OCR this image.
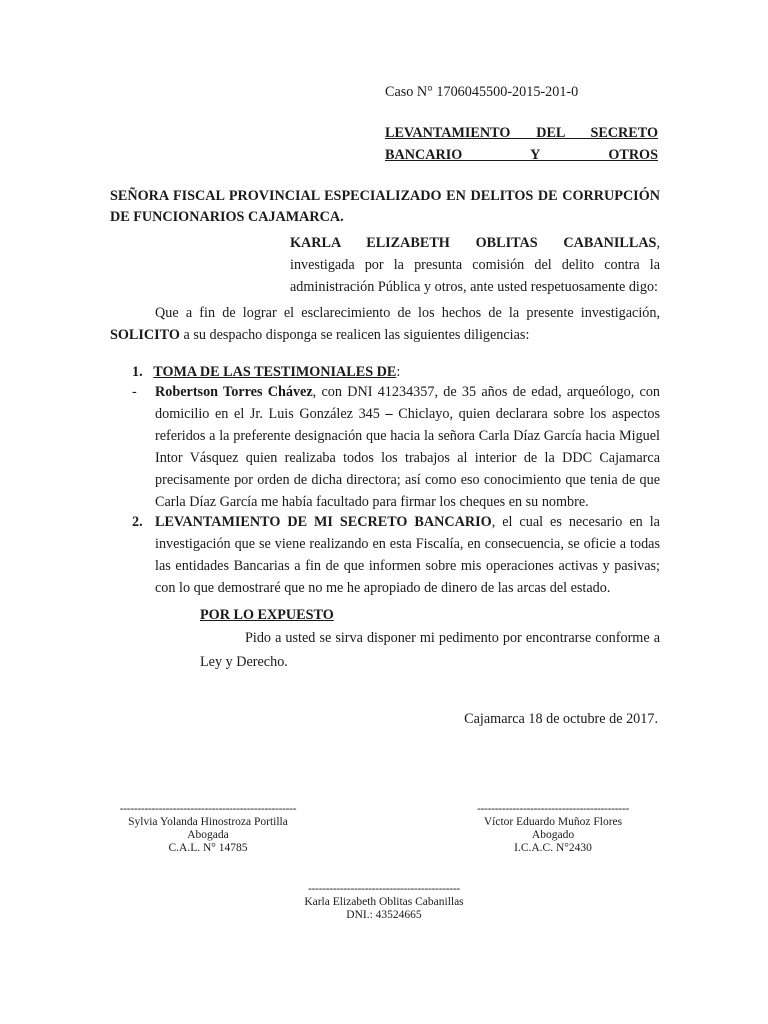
Caso N° 1706045500-2015-201-0

LEVANTAMIENTO DEL SECRETO BANCARIO Y OTROS

SEÑORA FISCAL PROVINCIAL ESPECIALIZADO EN DELITOS DE CORRUPCIÓN DE FUNCIONARIOS CAJAMARCA.

KARLA ELIZABETH OBLITAS CABANILLAS,
investigada por la presunta comisión del delito contra la administración Pública y otros, ante usted respetuosamente digo:

Que a fin de lograr el esclarecimiento de los hechos de la presente investigación, SOLICITO a su despacho disponga se realicen las siguientes diligencias:

1. TOMA DE LAS TESTIMONIALES DE:

- Robertson Torres Chávez, con DNI 41234357, de 35 años de edad, arqueólogo, con domicilio en el Jr. Luis González 345 – Chiclayo, quien declarara sobre los aspectos referidos a la preferente designación que hacia la señora Carla Díaz García hacia Miguel Intor Vásquez quien realizaba todos los trabajos al interior de la DDC Cajamarca precisamente por orden de dicha directora; así como eso conocimiento que tenia de que Carla Díaz García me había facultado para firmar los cheques en su nombre.

2. LEVANTAMIENTO DE MI SECRETO BANCARIO, el cual es necesario en la investigación que se viene realizando en esta Fiscalía, en consecuencia, se oficie a todas las entidades Bancarias a fin de que informen sobre mis operaciones activas y pasivas; con lo que demostraré que no me he apropiado de dinero de las arcas del estado.

POR LO EXPUESTO

Pido a usted se sirva disponer mi pedimento por encontrarse conforme a Ley y Derecho.

Cajamarca 18 de octubre de 2017.

--------------------------------------------------
Sylvia Yolanda Hinostroza Portilla
Abogada
C.A.L. N° 14785
-------------------------------------------
Víctor Eduardo Muñoz Flores
Abogado
I.C.A.C. N°2430
-------------------------------------------
Karla Elizabeth Oblitas Cabanillas
DNI.: 43524665
